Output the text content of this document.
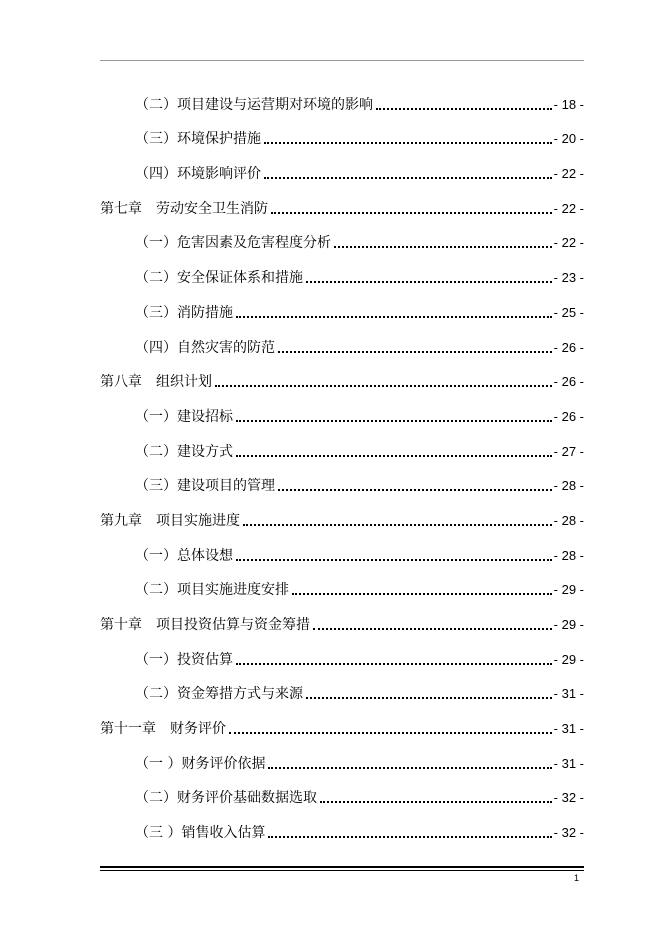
（二）项目建设与运营期对环境的影响	- 18 -
（三）环境保护措施	- 20 -
（四）环境影响评价	- 22 -
第七章　劳动安全卫生消防	- 22 -
（一）危害因素及危害程度分析	- 22 -
（二）安全保证体系和措施	- 23 -
（三）消防措施	- 25 -
（四）自然灾害的防范	- 26 -
第八章　组织计划	- 26 -
（一）建设招标	- 26 -
（二）建设方式	- 27 -
（三）建设项目的管理	- 28 -
第九章　项目实施进度	- 28 -
（一）总体设想	- 28 -
（二）项目实施进度安排	- 29 -
第十章　项目投资估算与资金筹措	- 29 -
（一）投资估算	- 29 -
（二）资金筹措方式与来源	- 31 -
第十一章　财务评价	- 31 -
（一 ）财务评价依据	- 31 -
（二）财务评价基础数据选取	- 32 -
（三 ）销售收入估算	- 32 -
1
